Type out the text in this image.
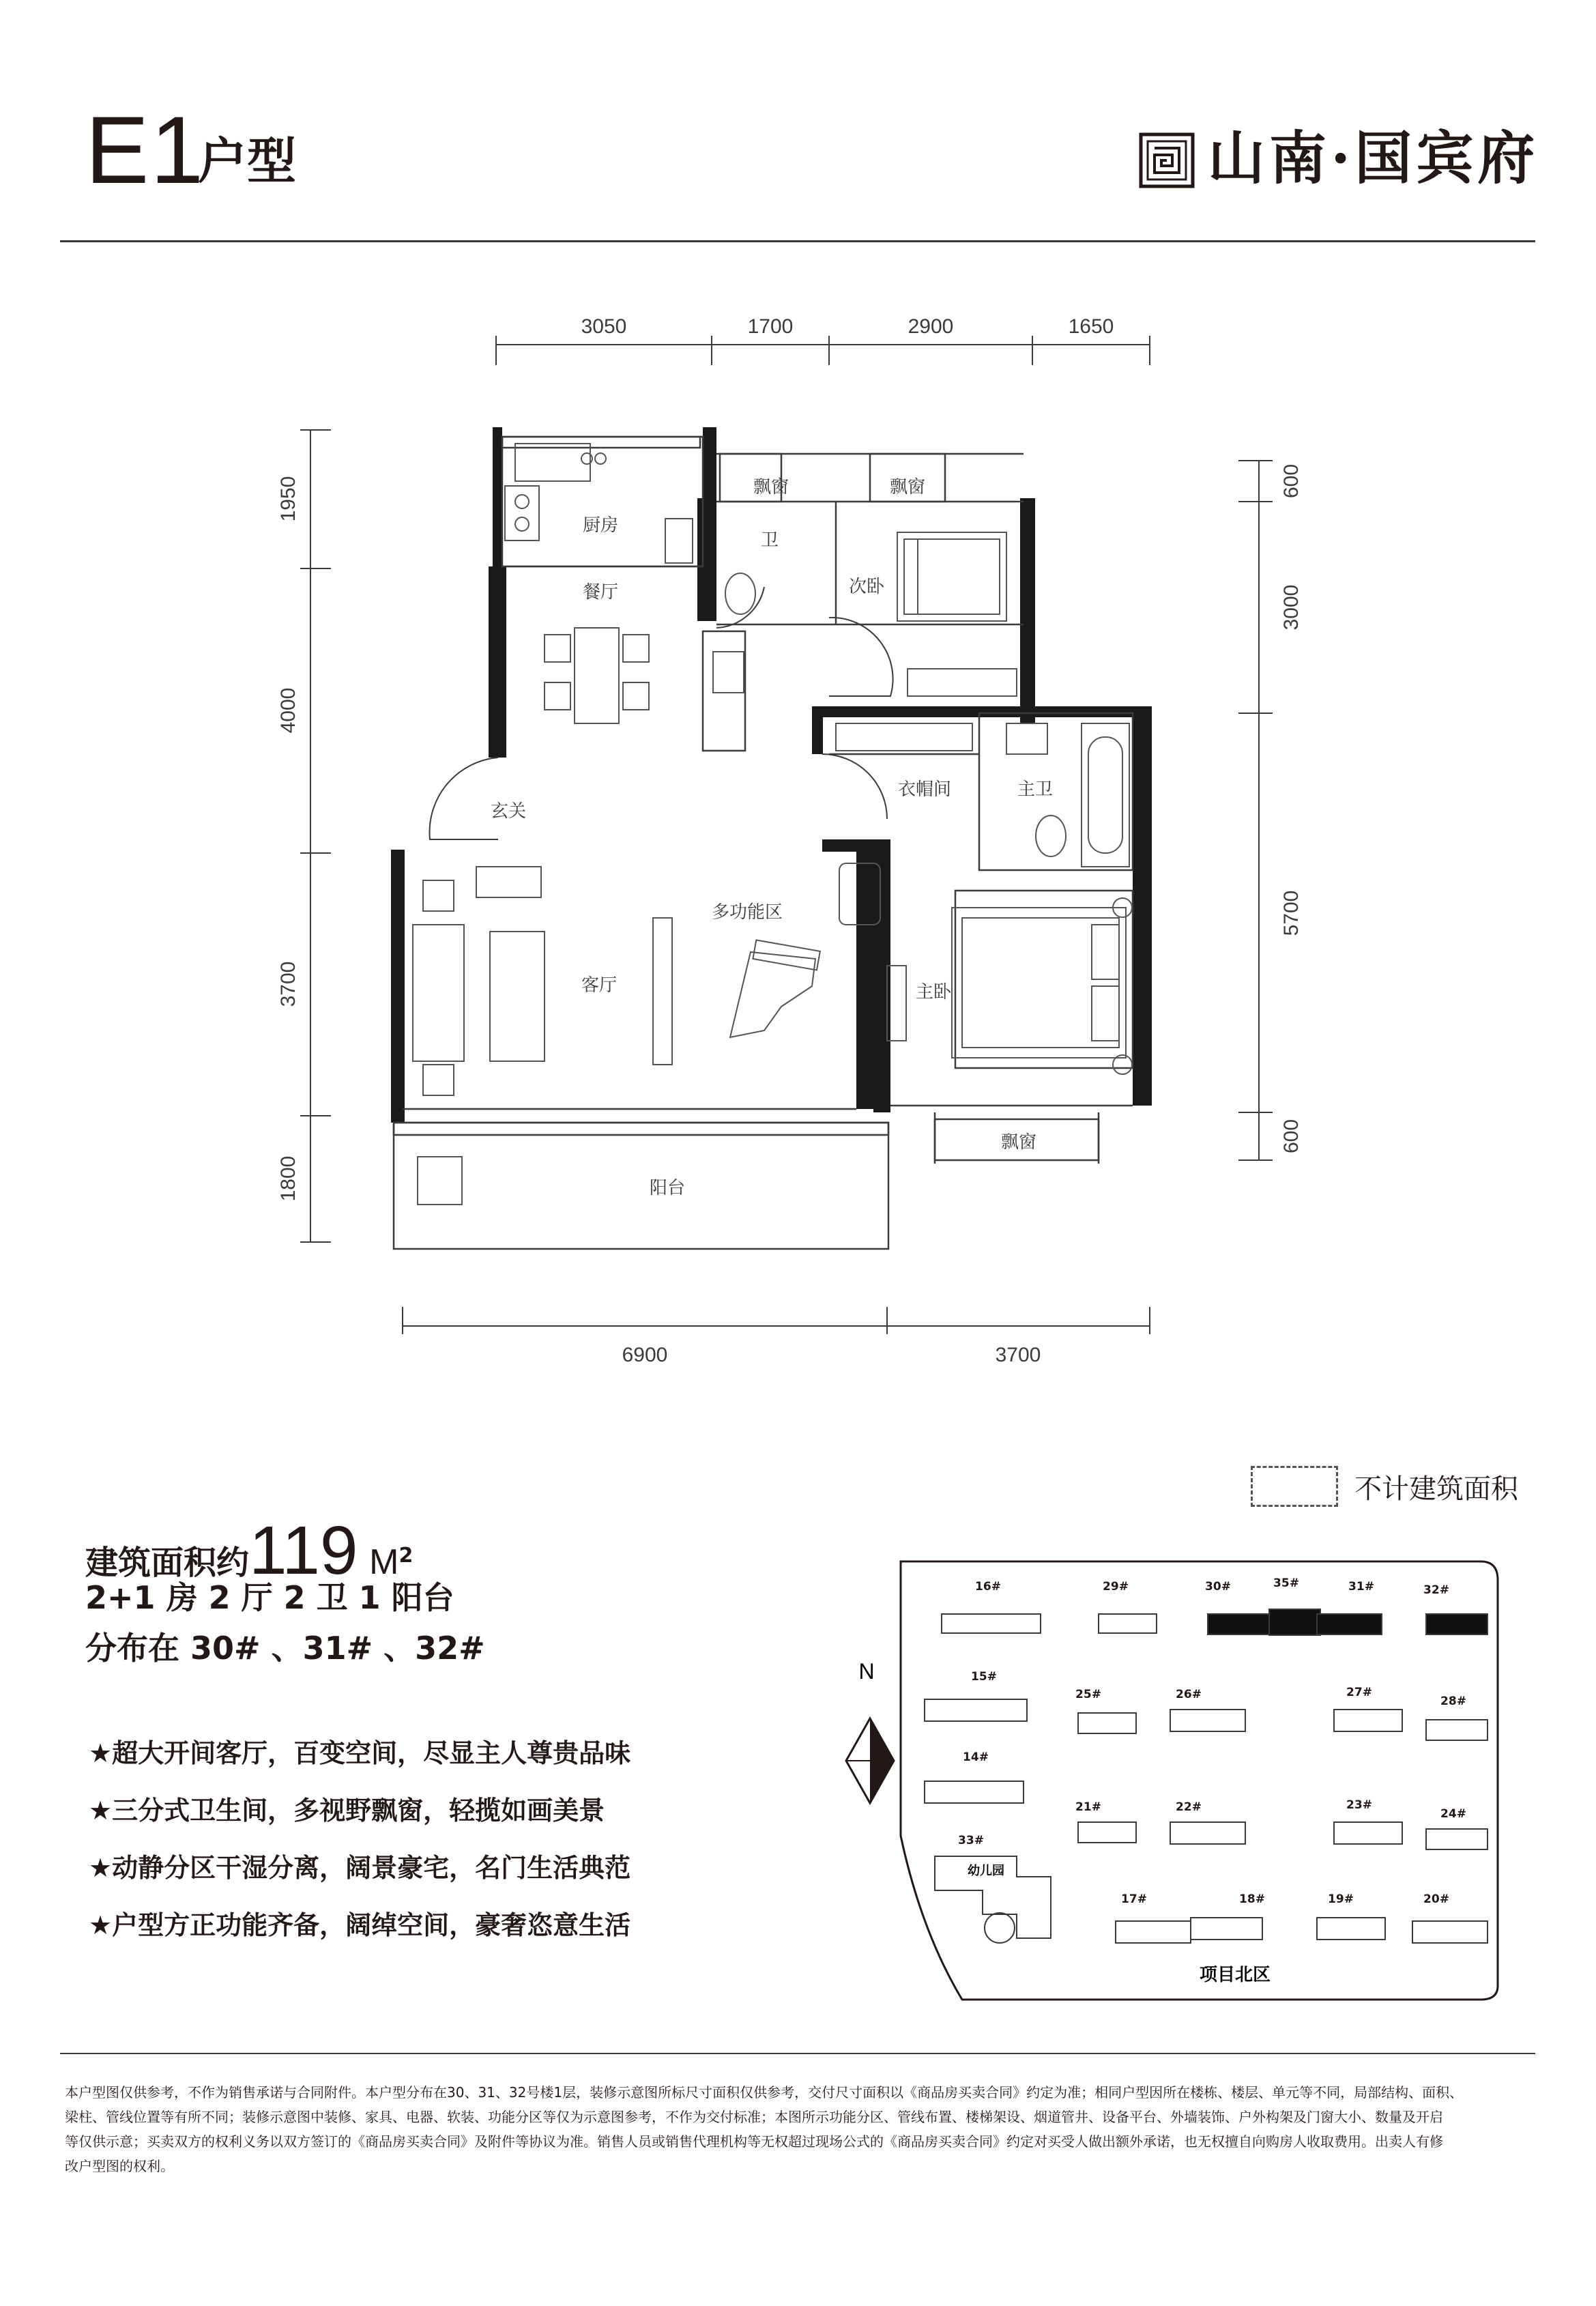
E1
户型	山南·国宾府
3050	1700	2900	1650
6900	3700
1950
4000
3700
1800
600
3000
5700
600
厨房
餐厅
卫
飘窗	飘窗
次卧
玄关
衣帽间	主卫
多功能区
客厅	主卧
飘窗
阳台
不计建筑面积
建筑面积约119 $M^2$
2+1 房 2 厅 2 卫 1 阳台
分布在 30# 、31# 、32#
★超大开间客厅，百变空间，尽显主人尊贵品味
★三分式卫生间，多视野飘窗，轻揽如画美景
★动静分区干湿分离，阔景豪宅，名门生活典范
★户型方正功能齐备，阔绰空间，豪奢恣意生活
16#	29#	30#	35#	31#	32#
15#
25#	26#	27#
28#
14#
21#	22#	23#
24#
33#
17#	18#	19#	20#
幼儿园
项目北区
N
本户型图仅供参考，不作为销售承诺与合同附件。本户型分布在30、31、32号楼1层，装修示意图所标尺寸面积仅供参考，交付尺寸面积以《商品房买卖合同》约定为准；相同户型因所在楼栋、楼层、单元等不同，局部结构、面积、
梁柱、管线位置等有所不同；装修示意图中装修、家具、电器、软装、功能分区等仅为示意图参考，不作为交付标准；本图所示功能分区、管线布置、楼梯架设、烟道管井、设备平台、外墙装饰、户外构架及门窗大小、数量及开启
等仅供示意；买卖双方的权利义务以双方签订的《商品房买卖合同》及附件等协议为准。销售人员或销售代理机构等无权超过现场公式的《商品房买卖合同》约定对买受人做出额外承诺，也无权擅自向购房人收取费用。出卖人有修
改户型图的权利。
